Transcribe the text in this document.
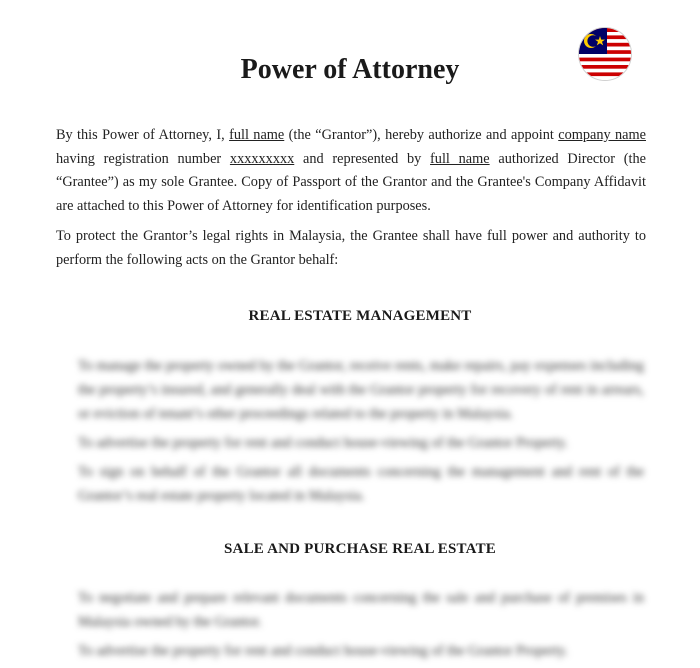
Power of Attorney
By this Power of Attorney, I, full name (the “Grantor”), hereby authorize and appoint company name having registration number xxxxxxxxx and represented by full name authorized Director (the “Grantee”) as my sole Grantee. Copy of Passport of the Grantor and the Grantee's Company Affidavit are attached to this Power of Attorney for identification purposes.
To protect the Grantor’s legal rights in Malaysia, the Grantee shall have full power and authority to perform the following acts on the Grantor behalf:
REAL ESTATE MANAGEMENT

To manage the property owned by the Grantor, receive rents, make repairs, pay expenses including the property’s insured, and generally deal with the Grantor property for recovery of rent in arrears, or eviction of tenant’s other proceedings related to the property in Malaysia.

To advertise the property for rent and conduct house-viewing of the Grantor Property.

To sign on behalf of the Grantor all documents concerning the management and rent of the Grantor’s real estate property located in Malaysia.

SALE AND PURCHASE REAL ESTATE

To negotiate and prepare relevant documents concerning the sale and purchase of premises in Malaysia owned by the Grantor.

To advertise the property for rent and conduct house-viewing of the Grantor Property.
